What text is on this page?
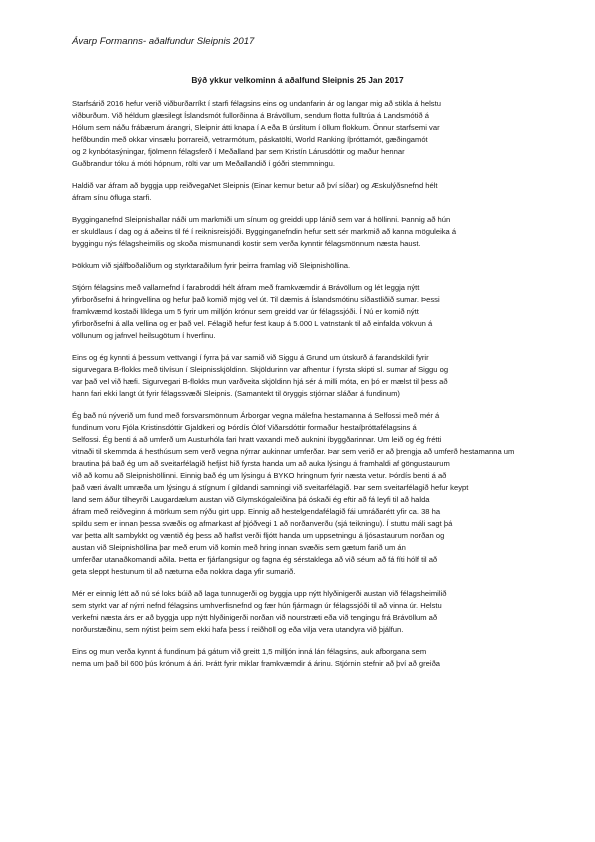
Ávarp Formanns- aðalfundur Sleipnis 2017
Býð ykkur velkominn á aðalfund Sleipnis 25 Jan 2017

Starfsárið 2016 hefur verið viðburðarríkt í starfi félagsins eins og undanfarin ár og langar mig að stikla á helstu
viðburðum. Við héldum glæsilegt Íslandsmót fullorðinna á Brávöllum, sendum flotta fulltrúa á Landsmótið á
Hólum sem náðu frábærum árangri, Sleipnir átti knapa í A eða B úrslitum í öllum flokkum. Önnur starfsemi var
hefðbundin með okkar vinsælu þorrareið, vetrarmótum, páskatölti, World Ranking íþróttamót, gæðingamót
og 2 kynbótasýningar, fjölmenn félagsferð í Meðalland þar sem Kristín Lárusdóttir og maður hennar
Guðbrandur tóku á móti hópnum, rölti var um Meðallandið í góðri stemmningu.

Haldið var áfram að byggja upp reiðvegaNet Sleipnis (Einar kemur betur að því síðar) og Æskulýðsnefnd hélt
áfram sínu öfluga starfi.

Bygginganefnd Sleipnishallar náði um markmiði um sínum og greiddi upp lánið sem var á höllinni. Þannig að hún
er skuldlaus í dag og á aðeins til fé í reiknisreisjóði. Bygginganefndin hefur sett sér markmið að kanna möguleika á
byggingu nýs félagsheimilis og skoða mismunandi kostir sem verða kynntir félagsmönnum næsta haust.

Þökkum við sjálfboðaliðum og styrktaraðilum fyrir þeirra framlag við Sleipnishöllina.

Stjórn félagsins með vallarnefnd í farabroddi hélt áfram með framkvæmdir á Brávöllum og lét leggja nýtt
yfirborðsefni á hringvellina og hefur það komið mjög vel út. Til dæmis á Íslandsmótinu síðastliðið sumar. Þessi
framkvæmd kostaði líklega um 5 fyrir um milljón krónur sem greidd var úr félagssjóði. Í Nú er komið nýtt
yfirborðsefni á alla vellina og er það vel. Félagið hefur fest kaup á 5.000 L vatnstank til að einfalda vökvun á
völlunum og jafnvel heilsugötum í hverfinu.

Eins og ég kynnti á þessum vettvangi í fyrra þá var samið við Siggu á Grund um útskurð á farandskildi fyrir
sigurvegara B-flokks með tilvísun í Sleipnisskjöldinn. Skjöldurinn var afhentur í fyrsta skipti sl. sumar af Siggu og
var það vel við hæfi. Sigurvegari B-flokks mun varðveita skjöldinn hjá sér á milli móta, en þó er mælst til þess að
hann fari ekki langt út fyrir félagssvæði Sleipnis. (Samantekt til öryggis stjórnar sláðar á fundinum)

Ég bað nú nýverið um fund með forsvarsmönnum Árborgar vegna málefna hestamanna á Selfossi með mér á
fundinum voru Fjóla Kristinsdóttir Gjaldkeri og Þórdís Ólöf Viðarsdóttir formaður hestaíþróttafélagsins á
Selfossi. Ég benti á að umferð um Austurhóla fari hratt vaxandi með auknini íbyggðarinnar. Um leið og ég frétti
vitnaði til skemmda á hesthúsum sem verð vegna nýrrar aukinnar umferðar. Þar sem verið er að þrengja að umferð hestamanna um
brautina þá bað ég um að sveitarfélagið hefjist hið fyrsta handa um að auka lýsingu á framhaldi af göngustaurum
við að komu að Sleipnishöllinni. Einnig bað ég um lýsingu á BYKO hringnum fyrir næsta vetur. Þórdís benti á að
það væri ávallt umræða um lýsingu á stígnum í gildandi samningi við sveitarfélagið. Þar sem sveitarfélagið hefur keypt
land sem áður tilheyrði Laugardælum austan við Glymskógaleiðina þá óskaði ég eftir að fá leyfi til að halda
áfram með reiðveginn á mörkum sem nýðu girt upp. Einnig að hestelgendafélagið fái umráðarétt yfir ca. 38 ha
spildu sem er innan þessa svæðis og afmarkast af þjóðvegi 1 að norðanverðu (sjá teikningu). Í stuttu máli sagt þá
var þetta allt sambykkt og væntið ég þess að haflst verði fljótt handa um uppsetningu á ljósastaurum norðan og
austan við Sleipnishöllina þar með erum við komin með hring innan svæðis sem gætum farið um án
umferðar utanaðkomandi aðila. Þetta er fjárfangsigur og fagna ég sérstaklega að við séum að fá fíti hólf til að
geta sleppt hestunum til að næturna eða nokkra daga yfir sumarið.

Mér er einnig létt að nú sé loks búið að laga tunnugerði og byggja upp nýtt hlyðinigerði austan við félagsheimilið
sem styrkt var af nýrri nefnd félagsins umhverfisnefnd og fær hún fjármagn úr félagssjóði til að vinna úr. Helstu
verkefni næsta árs er að byggja upp nýtt hlyðinigerði norðan við nourstræti eða við tengingu frá Brávöllum að
norðurstæðinu, sem nýtist þeim sem ekki hafa þess í reiðhöll og eða vilja vera utandyra við þjálfun.

Eins og mun verða kynnt á fundinum þá gátum við greitt 1,5 milljón inná lán félagsins, auk afborgana sem
nema um það bil 600 þús krónum á ári. Þrátt fyrir miklar framkvæmdir á árinu. Stjórnin stefnir að því að greiða
